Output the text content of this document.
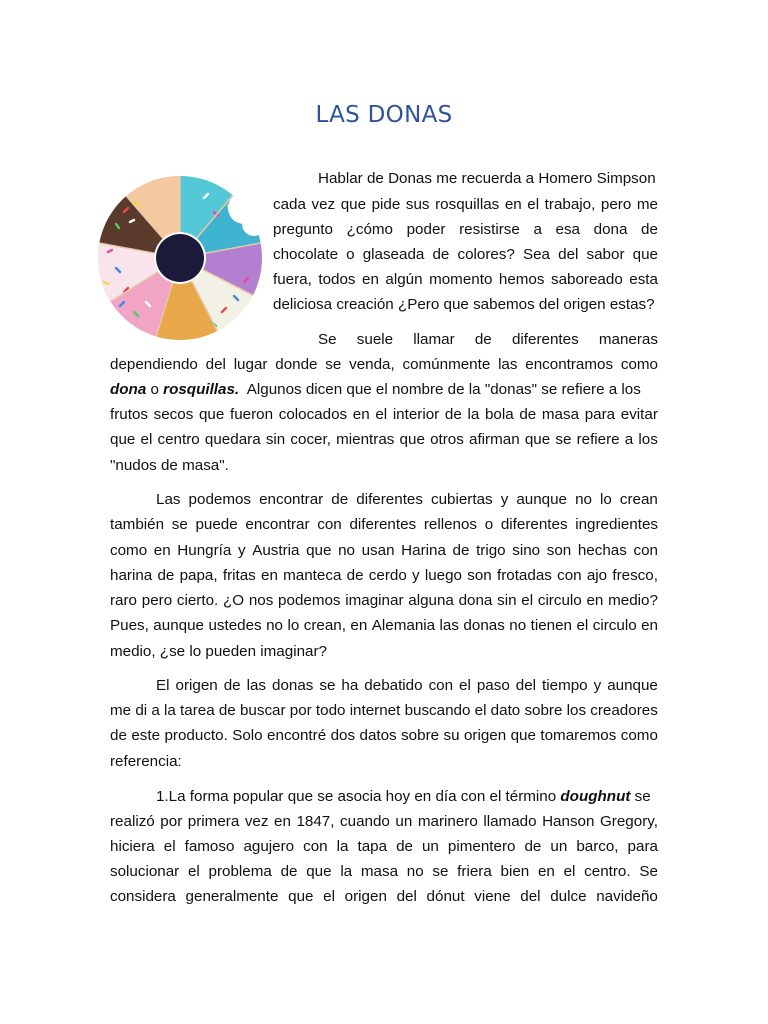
LAS DONAS
Hablar de Donas me recuerda a Homero Simpson
cada vez que pide sus rosquillas en el trabajo, pero me
pregunto ¿cómo poder resistirse a esa dona de
chocolate o glaseada de colores? Sea del sabor que
fuera, todos en algún momento hemos saboreado esta
deliciosa creación ¿Pero que sabemos del origen estas?
Se suele llamar de diferentes maneras
dependiendo del lugar donde se venda, comúnmente las encontramos como
dona o rosquillas.  Algunos dicen que el nombre de la "donas" se refiere a los
frutos secos que fueron colocados en el interior de la bola de masa para evitar
que el centro quedara sin cocer, mientras que otros afirman que se refiere a los
"nudos de masa".
Las podemos encontrar de diferentes cubiertas y aunque no lo crean
también se puede encontrar con diferentes rellenos o diferentes ingredientes
como en Hungría y Austria que no usan Harina de trigo sino son hechas con
harina de papa, fritas en manteca de cerdo y luego son frotadas con ajo fresco,
raro pero cierto. ¿O nos podemos imaginar alguna dona sin el circulo en medio?
Pues, aunque ustedes no lo crean, en Alemania las donas no tienen el circulo en
medio, ¿se lo pueden imaginar?
El origen de las donas se ha debatido con el paso del tiempo y aunque
me di a la tarea de buscar por todo internet buscando el dato sobre los creadores
de este producto. Solo encontré dos datos sobre su origen que tomaremos como
referencia:
1.La forma popular que se asocia hoy en día con el término doughnut se
realizó por primera vez en 1847, cuando un marinero llamado Hanson Gregory,
hiciera el famoso agujero con la tapa de un pimentero de un barco, para
solucionar el problema de que la masa no se friera bien en el centro. Se
considera generalmente que el origen del dónut viene del dulce navideño
